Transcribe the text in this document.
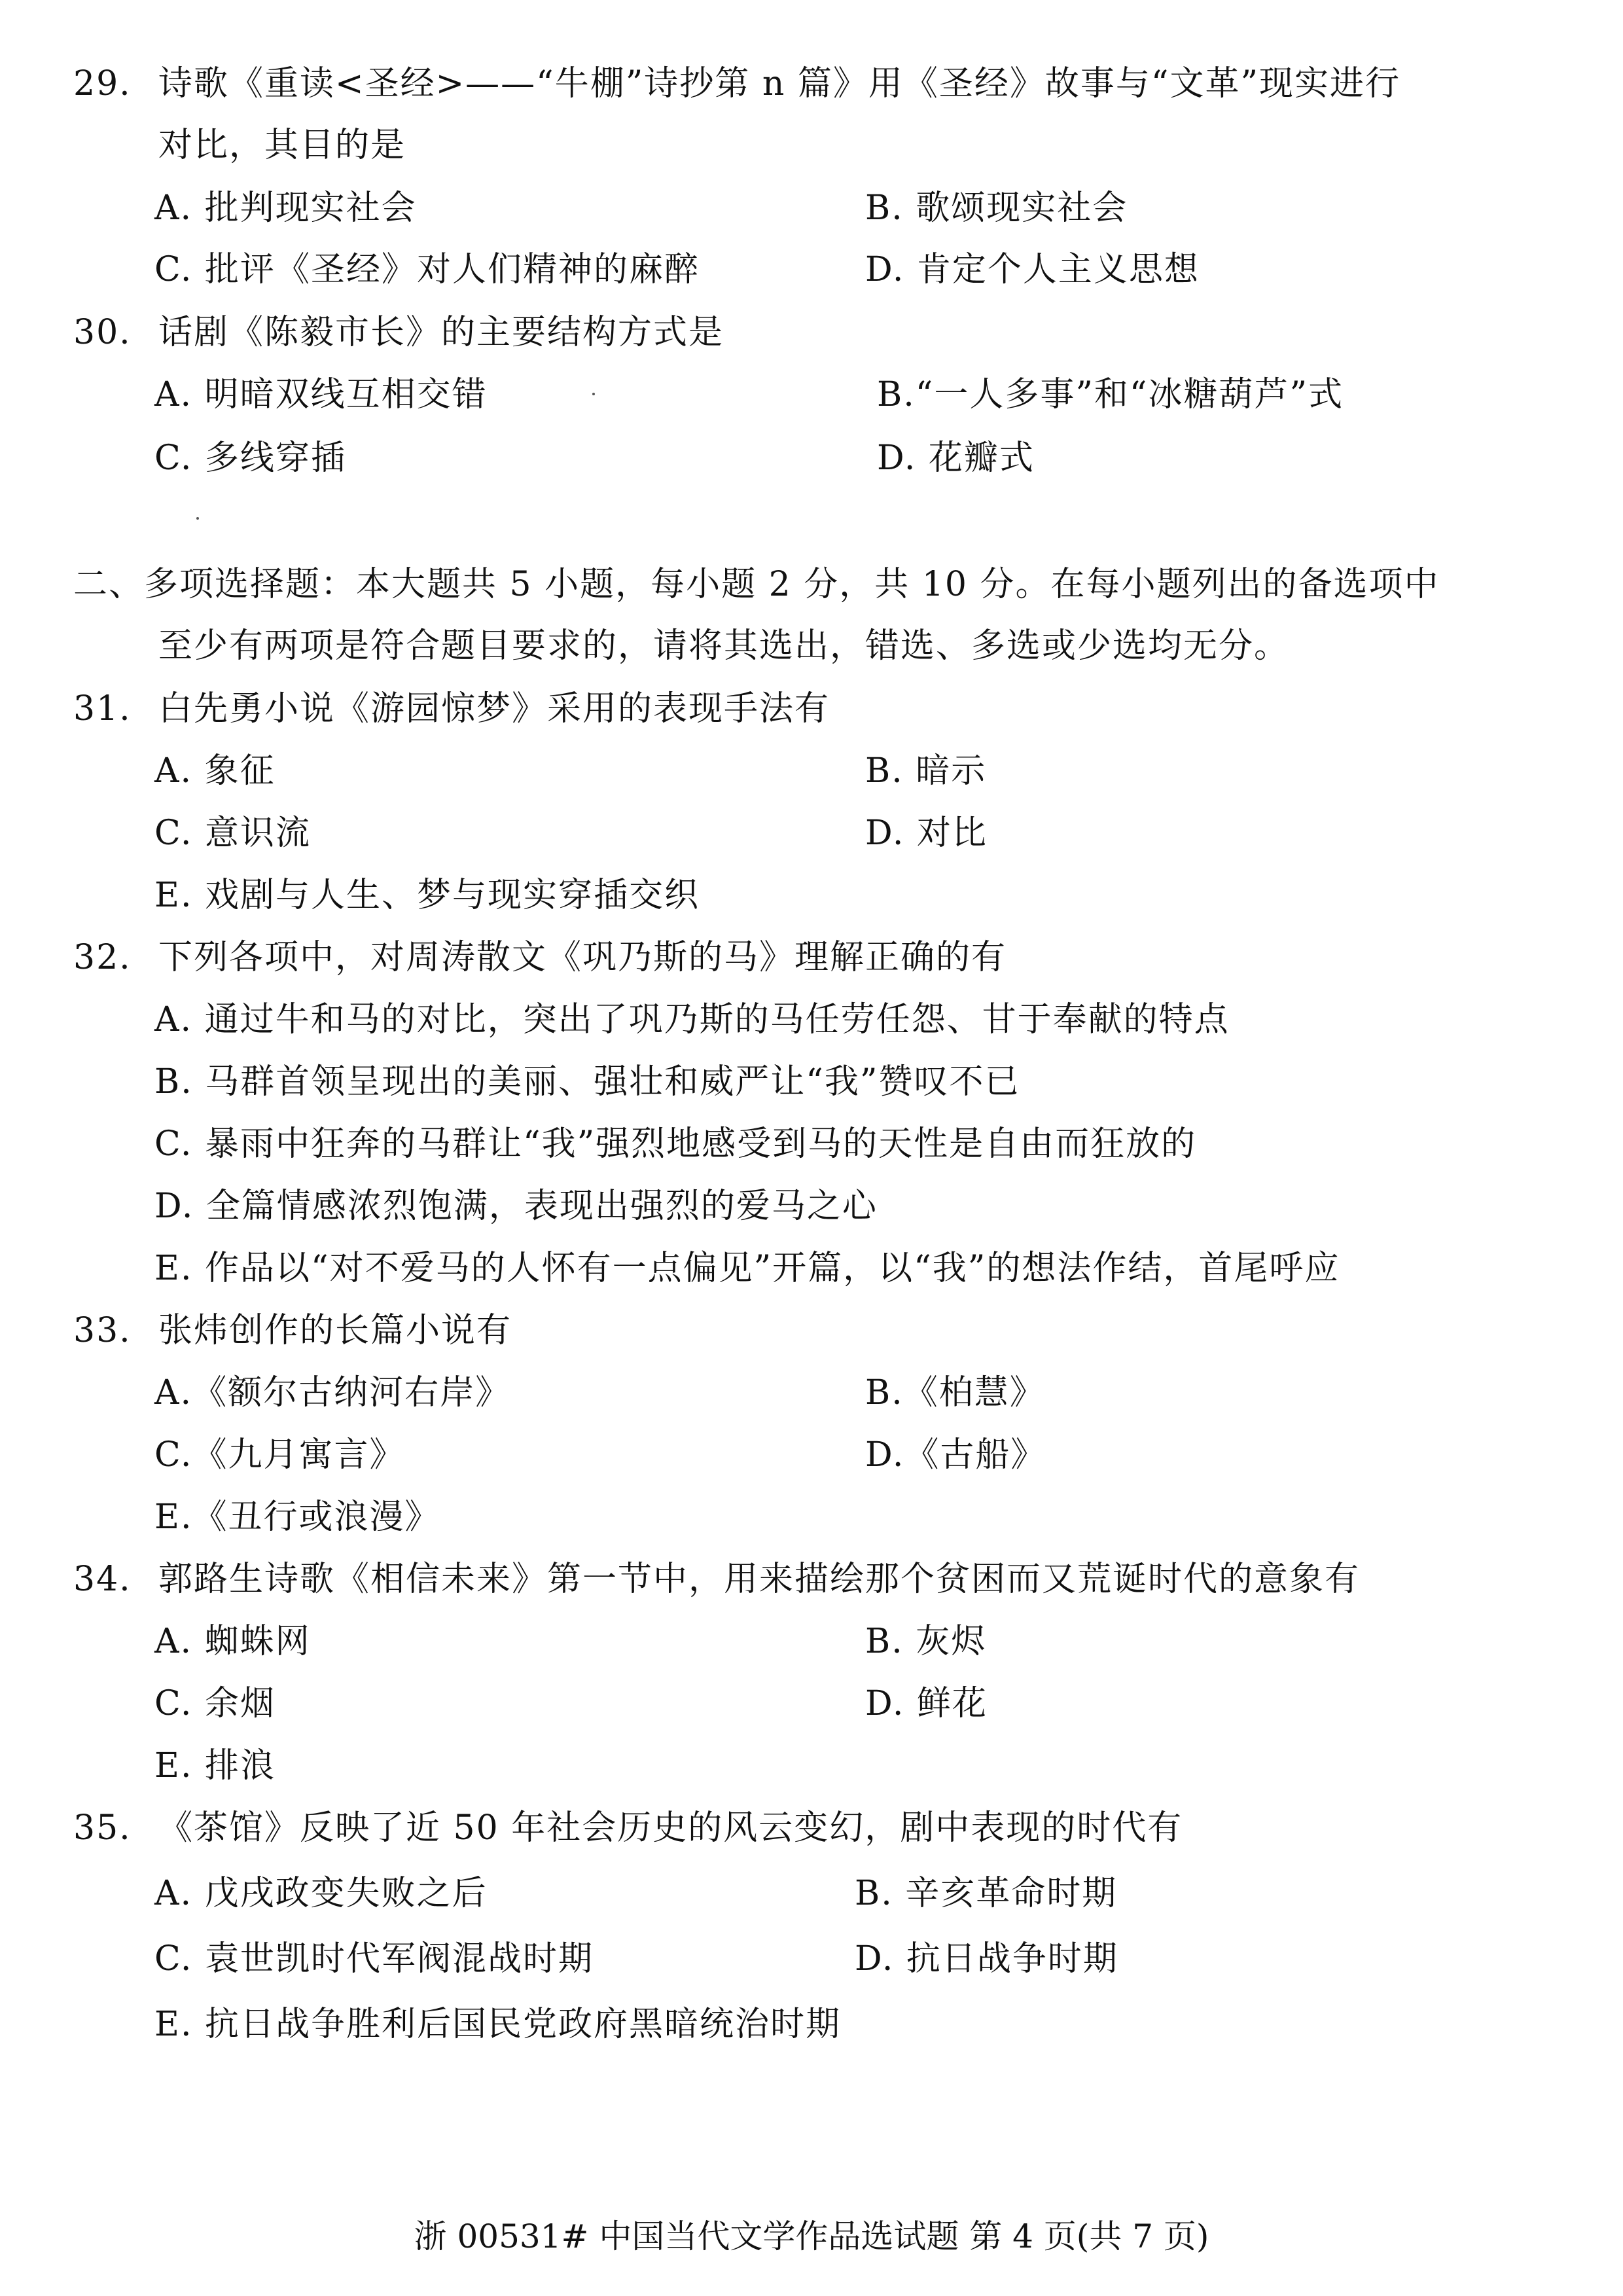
29. 诗歌《重读<圣经>——“牛棚”诗抄第 n 篇》用《圣经》故事与“文革”现实进行
对比，其目的是
A. 批判现实社会	B. 歌颂现实社会
C. 批评《圣经》对人们精神的麻醉	D. 肯定个人主义思想
30. 话剧《陈毅市长》的主要结构方式是
A. 明暗双线互相交错	B.“一人多事”和“冰糖葫芦”式
C. 多线穿插	D. 花瓣式
二、多项选择题：本大题共 5 小题，每小题 2 分，共 10 分。在每小题列出的备选项中
至少有两项是符合题目要求的，请将其选出，错选、多选或少选均无分。
31. 白先勇小说《游园惊梦》采用的表现手法有
A. 象征	B. 暗示
C. 意识流	D. 对比
E. 戏剧与人生、梦与现实穿插交织
32. 下列各项中，对周涛散文《巩乃斯的马》理解正确的有
A. 通过牛和马的对比，突出了巩乃斯的马任劳任怨、甘于奉献的特点
B. 马群首领呈现出的美丽、强壮和威严让“我”赞叹不已
C. 暴雨中狂奔的马群让“我”强烈地感受到马的天性是自由而狂放的
D. 全篇情感浓烈饱满，表现出强烈的爱马之心
E. 作品以“对不爱马的人怀有一点偏见”开篇，以“我”的想法作结，首尾呼应
33. 张炜创作的长篇小说有
A.《额尔古纳河右岸》	B.《柏慧》
C.《九月寓言》	D.《古船》
E.《丑行或浪漫》
34. 郭路生诗歌《相信未来》第一节中，用来描绘那个贫困而又荒诞时代的意象有
A. 蜘蛛网	B. 灰烬
C. 余烟	D. 鲜花
E. 排浪
35. 《茶馆》反映了近 50 年社会历史的风云变幻，剧中表现的时代有
A. 戊戌政变失败之后	B. 辛亥革命时期
C. 袁世凯时代军阀混战时期	D. 抗日战争时期
E. 抗日战争胜利后国民党政府黑暗统治时期
浙 00531# 中国当代文学作品选试题 第 4 页(共 7 页)
